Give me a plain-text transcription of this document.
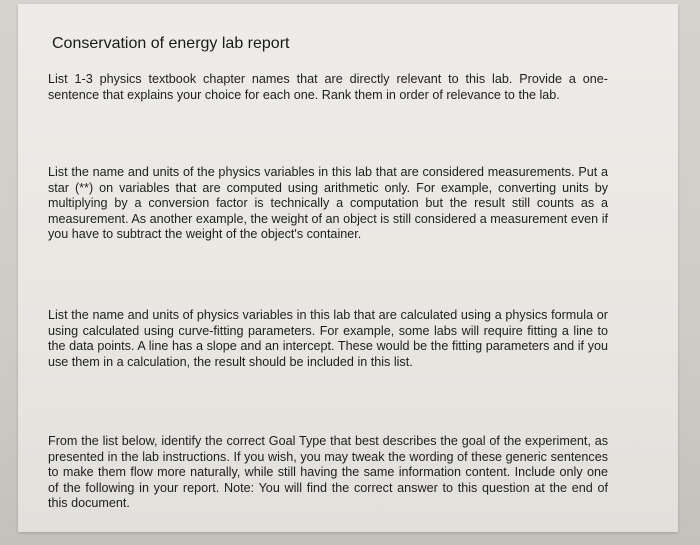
Conservation of energy lab report

List 1-3 physics textbook chapter names that are directly relevant to this lab. Provide a one-sentence that explains your choice for each one. Rank them in order of relevance to the lab.

List the name and units of the physics variables in this lab that are considered measurements. Put a star (**) on variables that are computed using arithmetic only. For example, converting units by multiplying by a conversion factor is technically a computation but the result still counts as a measurement. As another example, the weight of an object is still considered a measurement even if you have to subtract the weight of the object's container.

List the name and units of physics variables in this lab that are calculated using a physics formula or using calculated using curve-fitting parameters. For example, some labs will require fitting a line to the data points. A line has a slope and an intercept. These would be the fitting parameters and if you use them in a calculation, the result should be included in this list.

From the list below, identify the correct Goal Type that best describes the goal of the experiment, as presented in the lab instructions. If you wish, you may tweak the wording of these generic sentences to make them flow more naturally, while still having the same information content. Include only one of the following in your report. Note: You will find the correct answer to this question at the end of this document.
